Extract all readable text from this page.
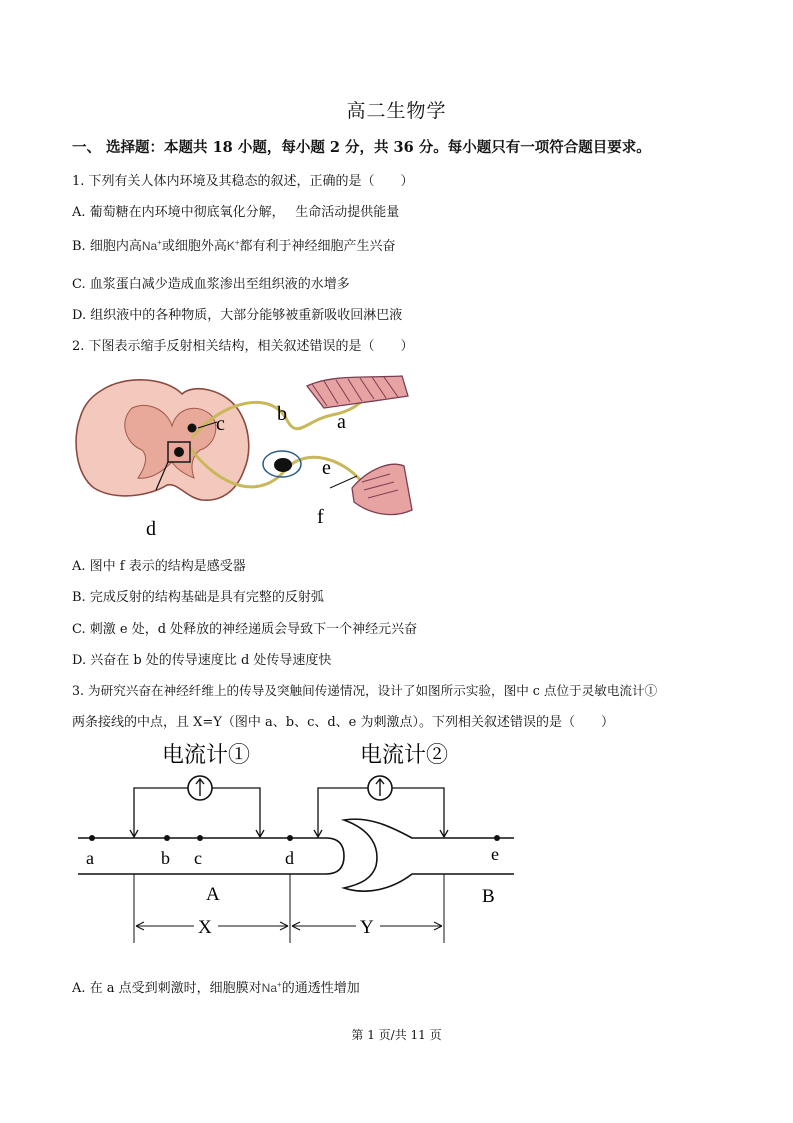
高二生物学
一、 选择题：本题共 18 小题，每小题 2 分，共 36 分。每小题只有一项符合题目要求。
1. 下列有关人体内环境及其稳态的叙述，正确的是（　　）
A. 葡萄糖在内环境中彻底氧化分解，　 生命活动提供能量
B. 细胞内高Na+或细胞外高K+都有利于神经细胞产生兴奋
C. 血浆蛋白减少造成血浆渗出至组织液的水增多
D. 组织液中的各种物质，大部分能够被重新吸收回淋巴液
2. 下图表示缩手反射相关结构，相关叙述错误的是（　　）
a
b
c
d
e
f
A. 图中 f 表示的结构是感受器
B. 完成反射的结构基础是具有完整的反射弧
C. 刺激 e 处，d 处释放的神经递质会导致下一个神经元兴奋
D. 兴奋在 b 处的传导速度比 d 处传导速度快
3. 为研究兴奋在神经纤维上的传导及突触间传递情况，设计了如图所示实验，图中 c 点位于灵敏电流计①
两条接线的中点，且 X=Y（图中 a、b、c、d、e 为刺激点）。下列相关叙述错误的是（　　）
电流计①	电流计②
a	b c	d	e
A	B
X	Y
A. 在 a 点受到刺激时，细胞膜对Na+的通透性增加
第 1 页/共 11 页
